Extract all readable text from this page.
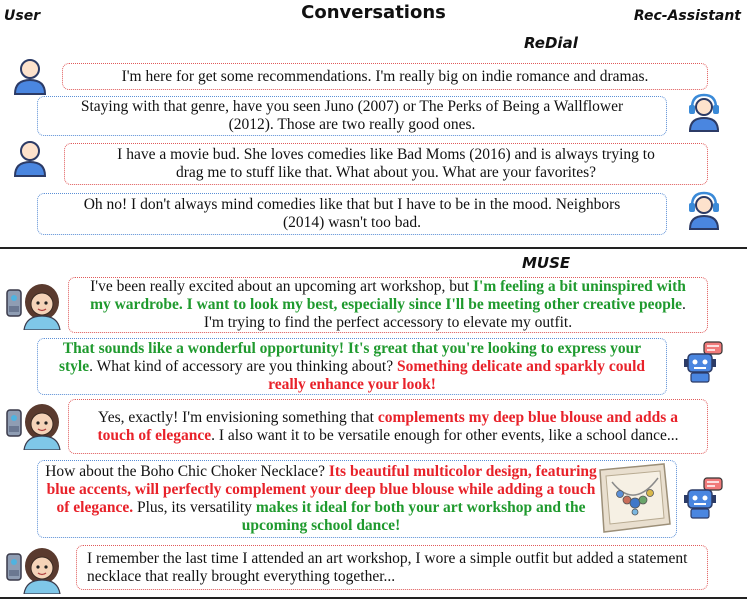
User	Conversations	Rec-Assistant
ReDial
I'm here for get some recommendations. I'm really big on indie romance and dramas.
Staying with that genre, have you seen Juno (2007) or The Perks of Being a Wallflower (2012). Those are two really good ones.
I have a movie bud. She loves comedies like Bad Moms (2016) and is always trying to drag me to stuff like that. What about you. What are your favorites?
Oh no! I don't always mind comedies like that but I have to be in the mood. Neighbors (2014) wasn't too bad.
MUSE
I've been really excited about an upcoming art workshop, but I'm feeling a bit uninspired with my wardrobe. I want to look my best, especially since I'll be meeting other creative people. I'm trying to find the perfect accessory to elevate my outfit.
That sounds like a wonderful opportunity! It's great that you're looking to express your style. What kind of accessory are you thinking about? Something delicate and sparkly could really enhance your look!
Yes, exactly! I'm envisioning something that complements my deep blue blouse and adds a touch of elegance. I also want it to be versatile enough for other events, like a school dance...
How about the Boho Chic Choker Necklace? Its beautiful multicolor design, featuring blue accents, will perfectly complement your deep blue blouse while adding a touch of elegance. Plus, its versatility makes it ideal for both your art workshop and the upcoming school dance!
I remember the last time I attended an art workshop, I wore a simple outfit but added a statement necklace that really brought everything together...
